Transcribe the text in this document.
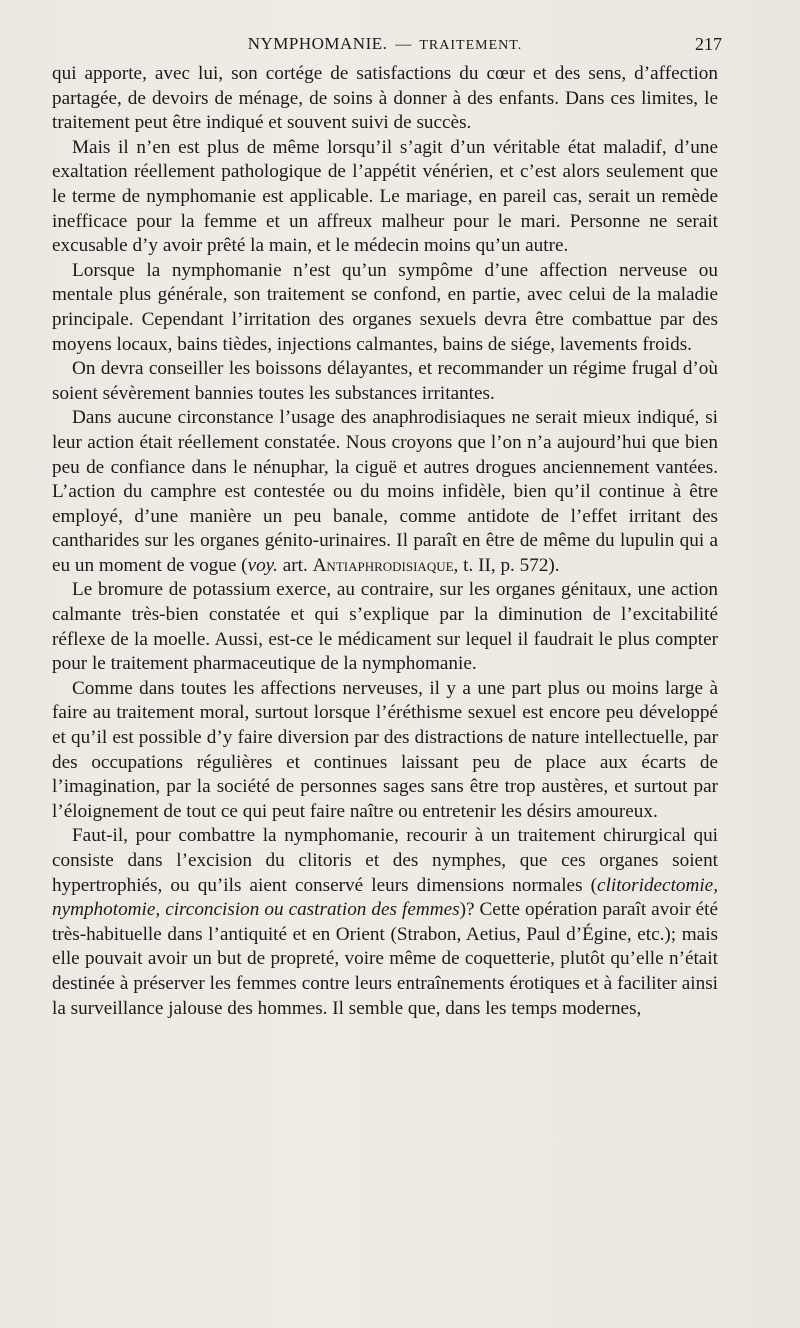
NYMPHOMANIE. — TRAITEMENT.	217

qui apporte, avec lui, son cortége de satisfactions du cœur et des sens, d’affection partagée, de devoirs de ménage, de soins à donner à des enfants. Dans ces limites, le traitement peut être indiqué et souvent suivi de succès.

Mais il n’en est plus de même lorsqu’il s’agit d’un véritable état maladif, d’une exaltation réellement pathologique de l’appétit vénérien, et c’est alors seulement que le terme de nymphomanie est applicable. Le mariage, en pareil cas, serait un remède inefficace pour la femme et un affreux malheur pour le mari. Personne ne serait excusable d’y avoir prêté la main, et le médecin moins qu’un autre.

Lorsque la nymphomanie n’est qu’un sympôme d’une affection nerveuse ou mentale plus générale, son traitement se confond, en partie, avec celui de la maladie principale. Cependant l’irritation des organes sexuels devra être combattue par des moyens locaux, bains tièdes, injections calmantes, bains de siége, lavements froids.

On devra conseiller les boissons délayantes, et recommander un régime frugal d’où soient sévèrement bannies toutes les substances irritantes.

Dans aucune circonstance l’usage des anaphrodisiaques ne serait mieux indiqué, si leur action était réellement constatée. Nous croyons que l’on n’a aujourd’hui que bien peu de confiance dans le nénuphar, la ciguë et autres drogues anciennement vantées. L’action du camphre est contestée ou du moins infidèle, bien qu’il continue à être employé, d’une manière un peu banale, comme antidote de l’effet irritant des cantharides sur les organes génito-urinaires. Il paraît en être de même du lupulin qui a eu un moment de vogue (voy. art. Antiaphrodisiaque, t. II, p. 572).

Le bromure de potassium exerce, au contraire, sur les organes génitaux, une action calmante très-bien constatée et qui s’explique par la diminution de l’excitabilité réflexe de la moelle. Aussi, est-ce le médicament sur lequel il faudrait le plus compter pour le traitement pharmaceutique de la nymphomanie.

Comme dans toutes les affections nerveuses, il y a une part plus ou moins large à faire au traitement moral, surtout lorsque l’éréthisme sexuel est encore peu développé et qu’il est possible d’y faire diversion par des distractions de nature intellectuelle, par des occupations régulières et continues laissant peu de place aux écarts de l’imagination, par la société de personnes sages sans être trop austères, et surtout par l’éloignement de tout ce qui peut faire naître ou entretenir les désirs amoureux.

Faut-il, pour combattre la nymphomanie, recourir à un traitement chirurgical qui consiste dans l’excision du clitoris et des nymphes, que ces organes soient hypertrophiés, ou qu’ils aient conservé leurs dimensions normales (clitoridectomie, nymphotomie, circoncision ou castration des femmes)? Cette opération paraît avoir été très-habituelle dans l’antiquité et en Orient (Strabon, Aetius, Paul d’Égine, etc.); mais elle pouvait avoir un but de propreté, voire même de coquetterie, plutôt qu’elle n’était destinée à préserver les femmes contre leurs entraînements érotiques et à faciliter ainsi la surveillance jalouse des hommes. Il semble que, dans les temps modernes,
